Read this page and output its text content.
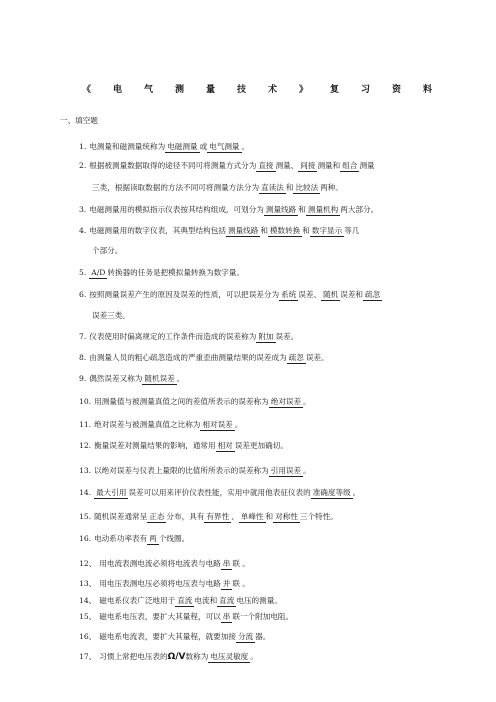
《 电 气 测 量 技 术 》 复 习 资 料
一、填空题
1. 电测量和磁测量统称为 电磁测量 或 电气测量 。
2. 根据被测量数据取得的途径不同可将测量方式分为 直接 测量、 间接 测量和 组合 测量
三类，根据读取数据的方法不同可将测量方法分为 直读法 和 比较法 两种。
3. 电磁测量用的模拟指示仪表按其结构组成，可划分为 测量线路 和 测量机构 两大部分。
4. 电磁测量用的数字仪表，其典型结构包括 测量线路 和 模数转换 和 数字显示 等几
个部分。
5. A/D 转换器的任务是把模拟量转换为数字量。
6. 按照测量误差产生的原因及误差的性质，可以把误差分为 系统 误差、 随机 误差和 疏忽
误差三类。
7. 仪表使用时偏离规定的工作条件而造成的误差称为 附加 误差。
8. 由测量人员的粗心疏忽造成的严重歪曲测量结果的误差成为 疏忽 误差。
9. 偶然误差又称为 随机误差 。
10. 用测量值与被测量真值之间的差值所表示的误差称为 绝对误差 。
11. 绝对误差与被测量真值之比称为 相对误差 。
12. 衡量误差对测量结果的影响，通常用 相对 误差更加确切。
13. 以绝对误差与仪表上量限的比值所所表示的误差称为 引用误差 。
14. 最大引用 误差可以用来评价仪表性能，实用中就用他表征仪表的 准确度等级 。
15. 随机误差通常呈 正态 分布，具有 有界性 、 单峰性 和 对称性 三个特性。
16. 电动系功率表有 两 个线圈。
12、 用电流表测电流必须将电流表与电路 串 联 。
13、 用电压表测电压必须将电压表与电路 并 联 。
14、 磁电系仪表广泛地用于 直流 电流和 直流 电压的测量。
15、 磁电系电压表，要扩大其量程，可以 串 联一个附加电阻。
16、 磁电系电流表，要扩大其量程，就要加接 分流 器。
17、 习惯上常把电压表的Ω/V数称为 电压灵敏度 。
